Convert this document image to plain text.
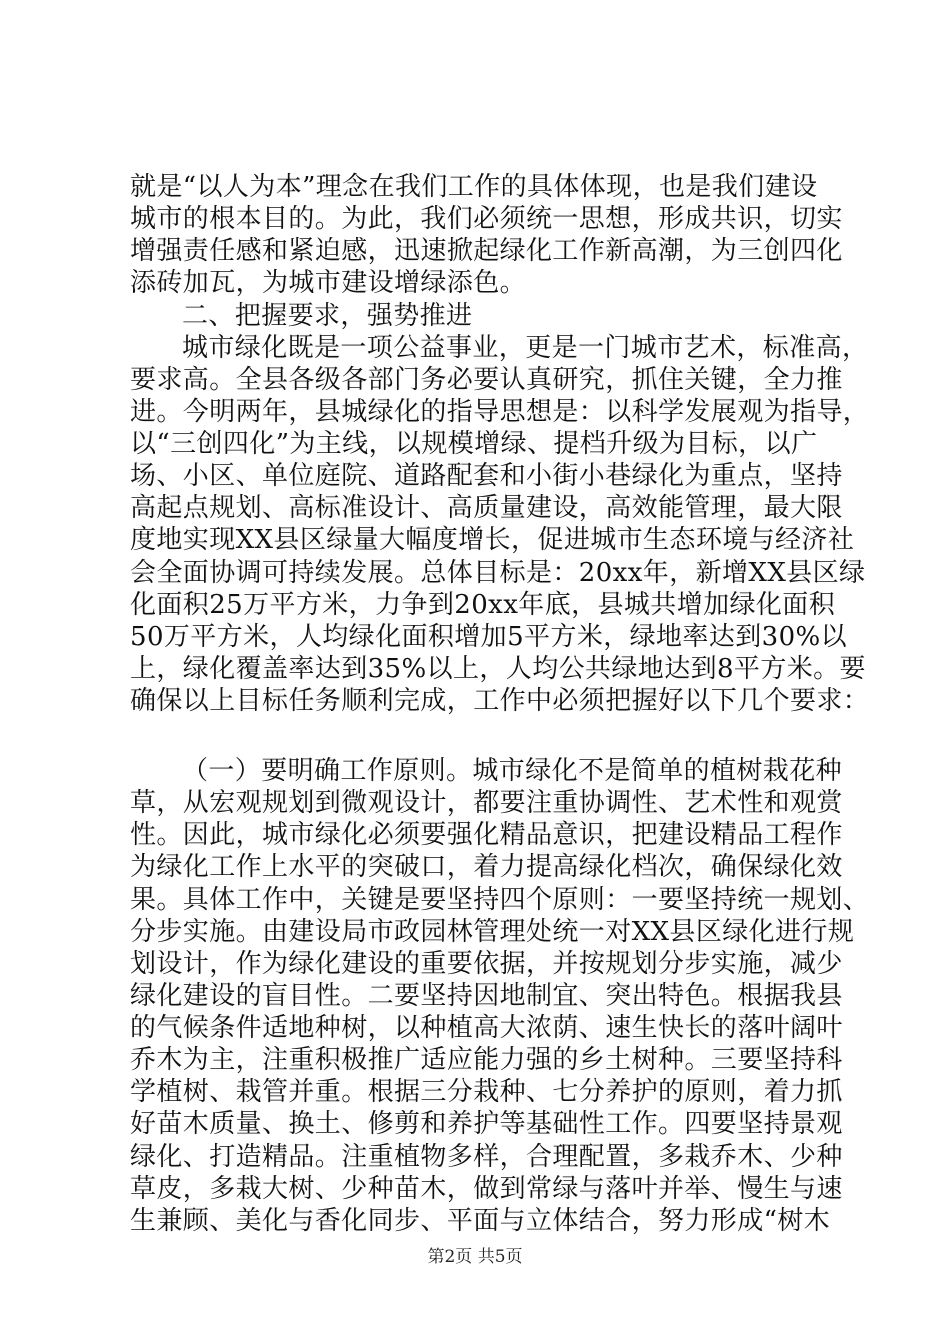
就是“以人为本”理念在我们工作的具体体现，也是我们建设
城市的根本目的。为此，我们必须统一思想，形成共识，切实
增强责任感和紧迫感，迅速掀起绿化工作新高潮，为三创四化
添砖加瓦，为城市建设增绿添色。
二、把握要求，强势推进
城市绿化既是一项公益事业，更是一门城市艺术，标准高，
要求高。全县各级各部门务必要认真研究，抓住关键，全力推
进。今明两年，县城绿化的指导思想是：以科学发展观为指导，
以“三创四化”为主线，以规模增绿、提档升级为目标，以广
场、小区、单位庭院、道路配套和小街小巷绿化为重点，坚持
高起点规划、高标准设计、高质量建设，高效能管理，最大限
度地实现XX县区绿量大幅度增长，促进城市生态环境与经济社
会全面协调可持续发展。总体目标是：20xx年，新增XX县区绿
化面积25万平方米，力争到20xx年底，县城共增加绿化面积
50万平方米，人均绿化面积增加5平方米，绿地率达到30%以
上，绿化覆盖率达到35%以上，人均公共绿地达到8平方米。要
确保以上目标任务顺利完成，工作中必须把握好以下几个要求：
（一）要明确工作原则。城市绿化不是简单的植树栽花种
草，从宏观规划到微观设计，都要注重协调性、艺术性和观赏
性。因此，城市绿化必须要强化精品意识，把建设精品工程作
为绿化工作上水平的突破口，着力提高绿化档次，确保绿化效
果。具体工作中，关键是要坚持四个原则：一要坚持统一规划、
分步实施。由建设局市政园林管理处统一对XX县区绿化进行规
划设计，作为绿化建设的重要依据，并按规划分步实施，减少
绿化建设的盲目性。二要坚持因地制宜、突出特色。根据我县
的气候条件适地种树，以种植高大浓荫、速生快长的落叶阔叶
乔木为主，注重积极推广适应能力强的乡土树种。三要坚持科
学植树、栽管并重。根据三分栽种、七分养护的原则，着力抓
好苗木质量、换土、修剪和养护等基础性工作。四要坚持景观
绿化、打造精品。注重植物多样，合理配置，多栽乔木、少种
草皮，多栽大树、少种苗木，做到常绿与落叶并举、慢生与速
生兼顾、美化与香化同步、平面与立体结合，努力形成“树木
第2页 共5页
